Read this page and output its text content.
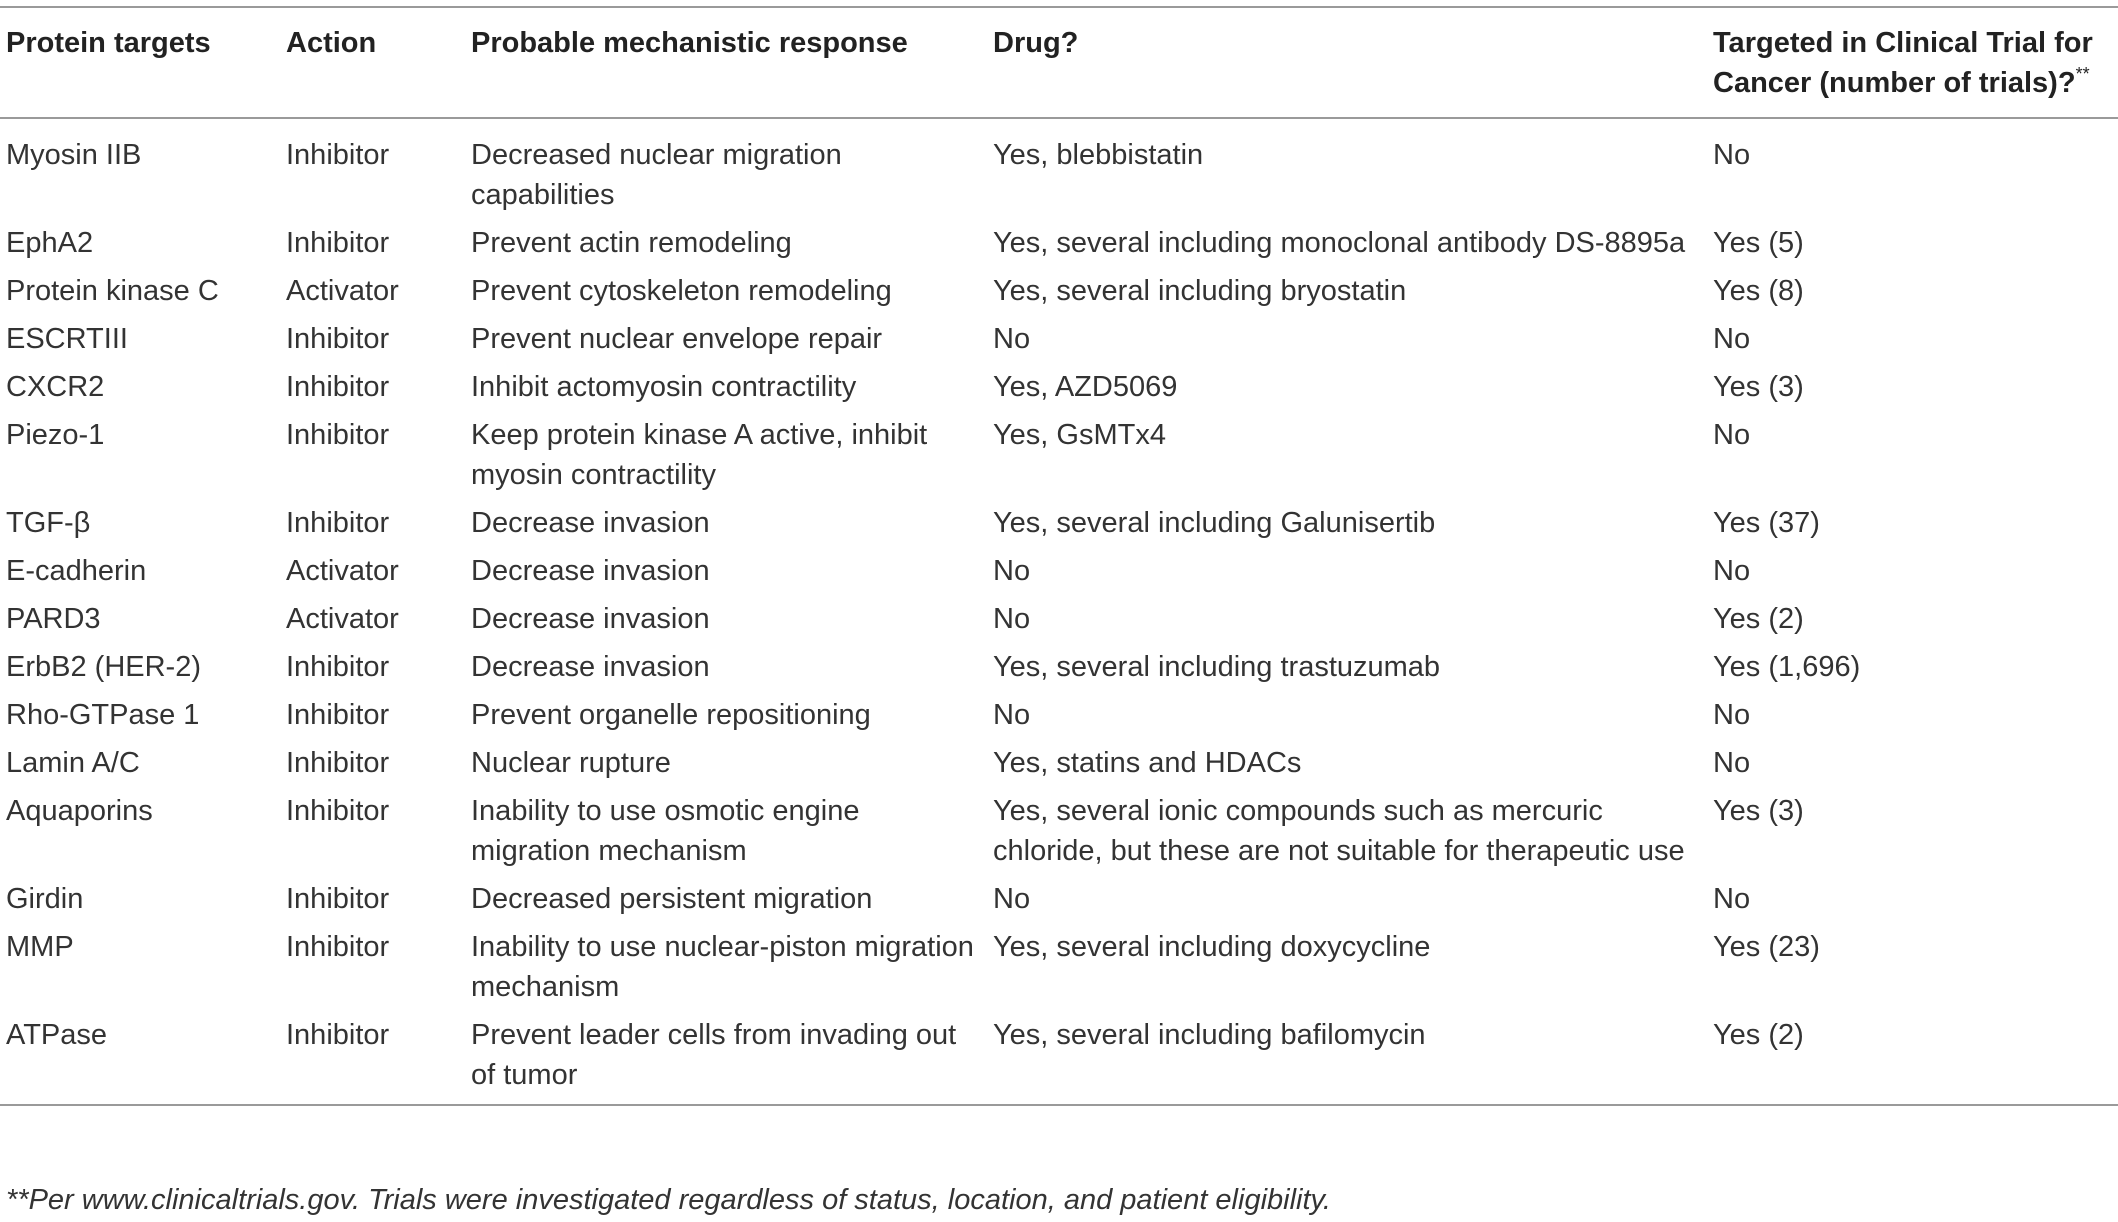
Protein targets	Action	Probable mechanistic response	Drug?	Targeted in Clinical Trial for Cancer (number of trials)?**
Myosin IIB	Inhibitor	Decreased nuclear migration capabilities	Yes, blebbistatin	No
EphA2	Inhibitor	Prevent actin remodeling	Yes, several including monoclonal antibody DS-8895a	Yes (5)
Protein kinase C	Activator	Prevent cytoskeleton remodeling	Yes, several including bryostatin	Yes (8)
ESCRTIII	Inhibitor	Prevent nuclear envelope repair	No	No
CXCR2	Inhibitor	Inhibit actomyosin contractility	Yes, AZD5069	Yes (3)
Piezo-1	Inhibitor	Keep protein kinase A active, inhibit myosin contractility	Yes, GsMTx4	No
TGF-β	Inhibitor	Decrease invasion	Yes, several including Galunisertib	Yes (37)
E-cadherin	Activator	Decrease invasion	No	No
PARD3	Activator	Decrease invasion	No	Yes (2)
ErbB2 (HER-2)	Inhibitor	Decrease invasion	Yes, several including trastuzumab	Yes (1,696)
Rho-GTPase 1	Inhibitor	Prevent organelle repositioning	No	No
Lamin A/C	Inhibitor	Nuclear rupture	Yes, statins and HDACs	No
Aquaporins	Inhibitor	Inability to use osmotic engine migration mechanism	Yes, several ionic compounds such as mercuric chloride, but these are not suitable for therapeutic use	Yes (3)
Girdin	Inhibitor	Decreased persistent migration	No	No
MMP	Inhibitor	Inability to use nuclear-piston migration mechanism	Yes, several including doxycycline	Yes (23)
ATPase	Inhibitor	Prevent leader cells from invading out of tumor	Yes, several including bafilomycin	Yes (2)
**Per www.clinicaltrials.gov. Trials were investigated regardless of status, location, and patient eligibility.
